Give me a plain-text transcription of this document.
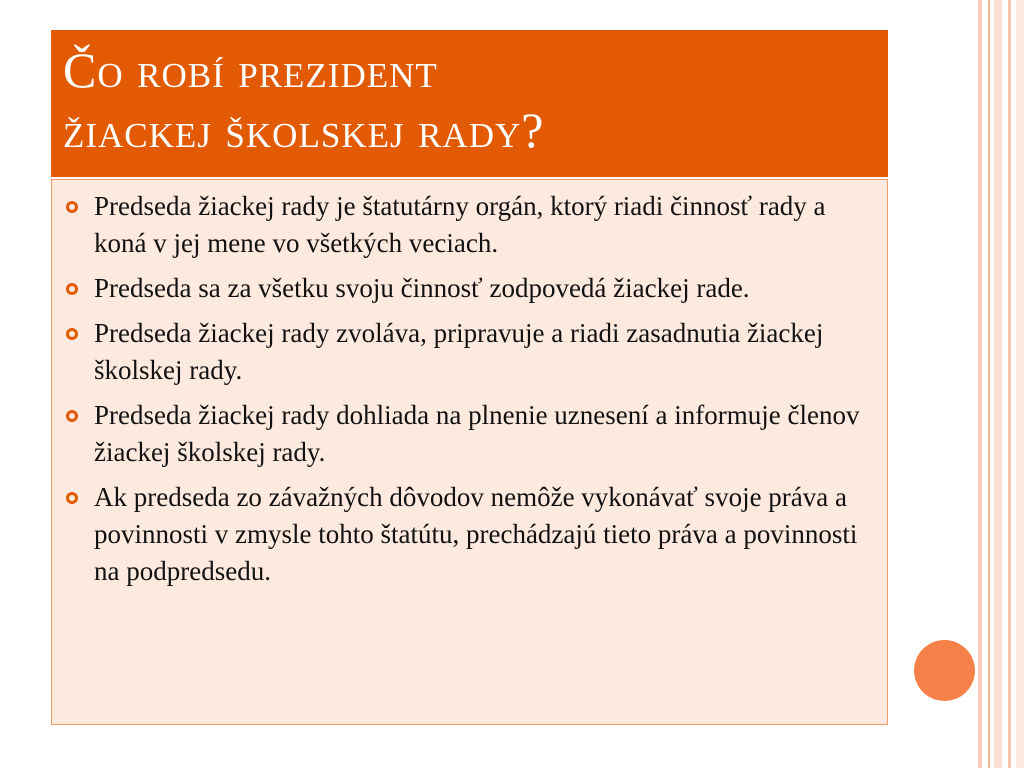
Čo robí prezident
žiackej školskej rady?
Predseda žiackej rady je štatutárny orgán, ktorý riadi činnosť rady a koná v jej mene vo všetkých veciach.
Predseda sa za všetku svoju činnosť zodpovedá žiackej rade.
Predseda žiackej rady zvoláva, pripravuje a riadi zasadnutia žiackej školskej rady.
Predseda žiackej rady dohliada na plnenie uznesení a informuje členov žiackej školskej rady.
Ak predseda zo závažných dôvodov nemôže vykonávať svoje práva a povinnosti v zmysle tohto štatútu, prechádzajú tieto práva a povinnosti na podpredsedu.
